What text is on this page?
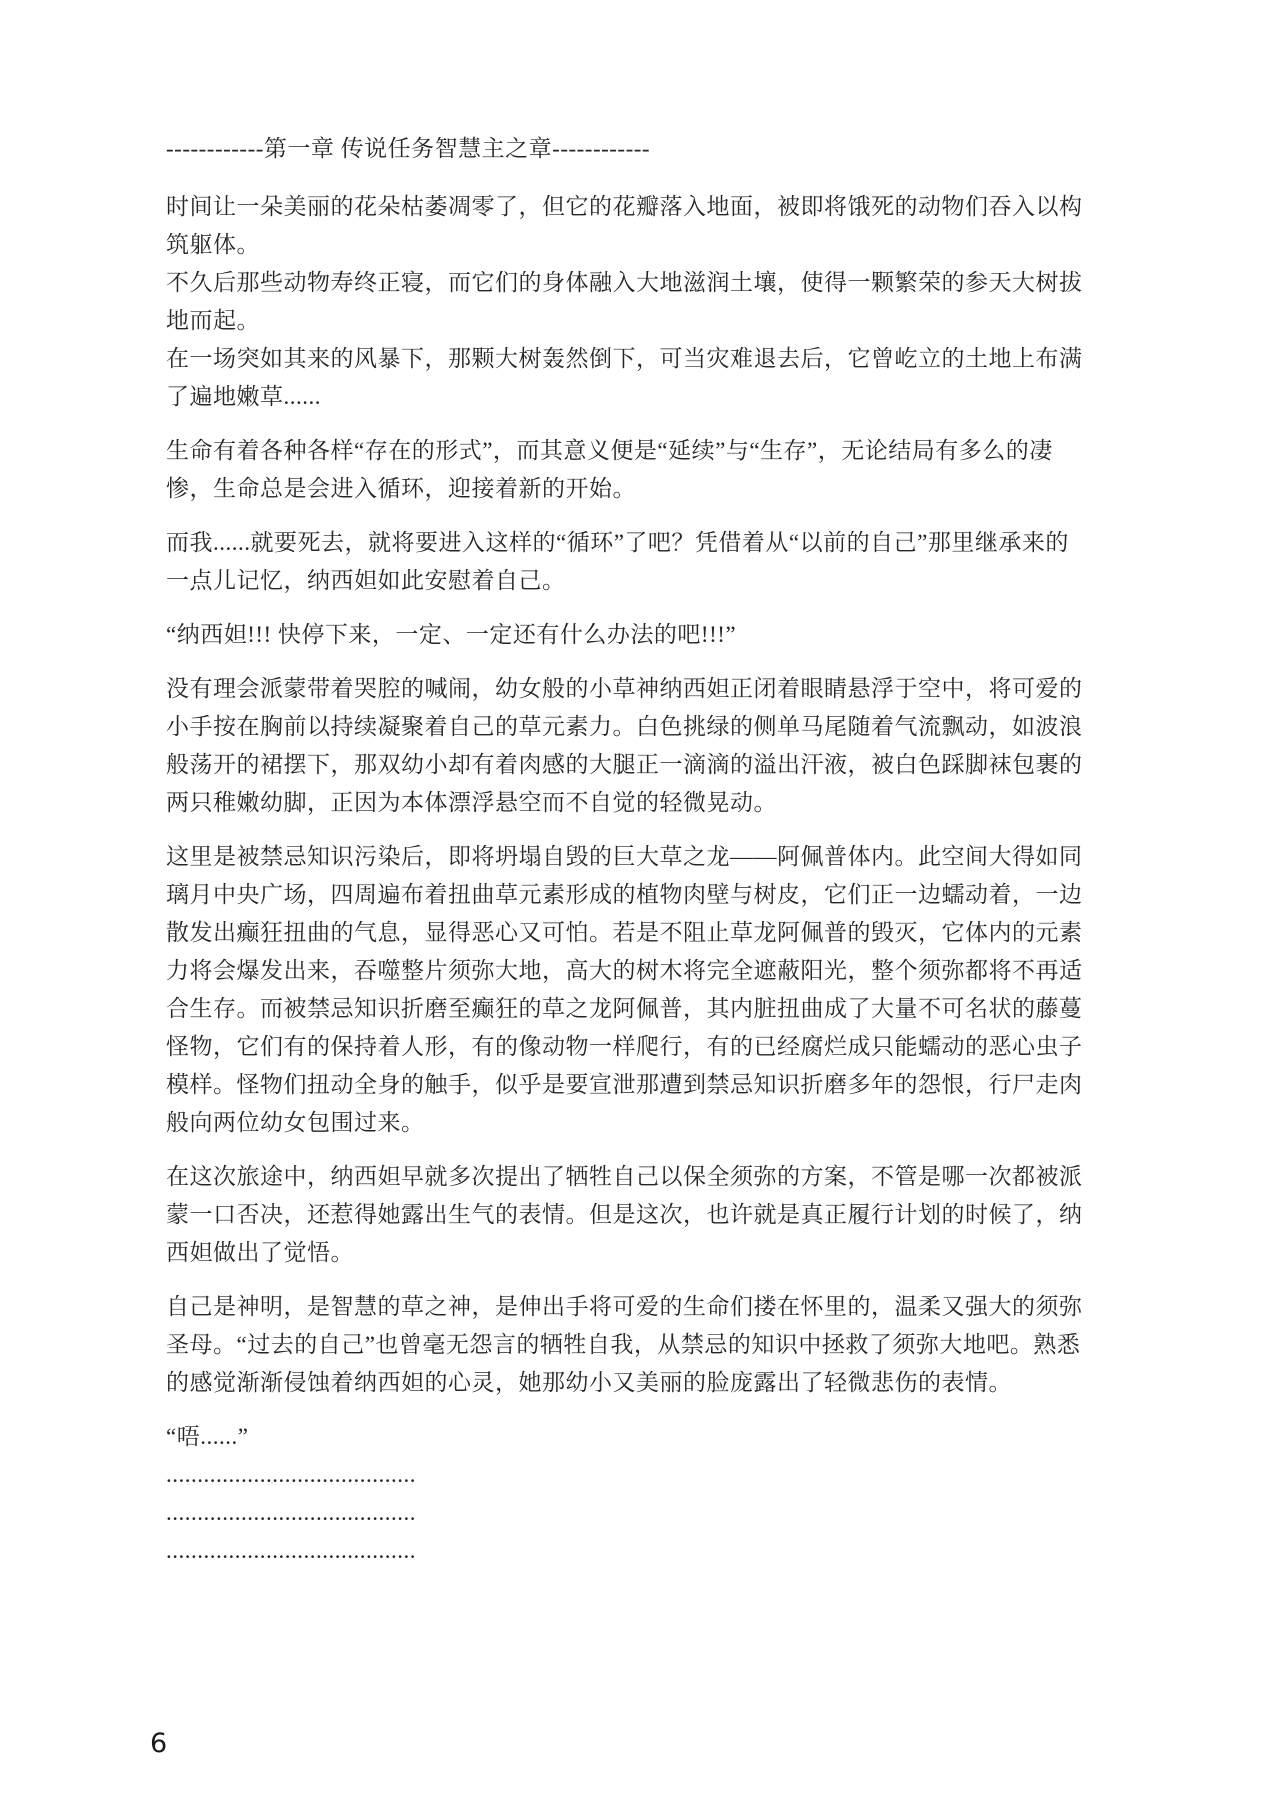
------------第一章 传说任务智慧主之章------------
时间让一朵美丽的花朵枯萎凋零了，但它的花瓣落入地面，被即将饿死的动物们吞入以构筑躯体。
不久后那些动物寿终正寝，而它们的身体融入大地滋润土壤，使得一颗繁荣的参天大树拔地而起。
在一场突如其来的风暴下，那颗大树轰然倒下，可当灾难退去后，它曾屹立的土地上布满了遍地嫩草......
生命有着各种各样“存在的形式”，而其意义便是“延续”与“生存”，无论结局有多么的凄惨，生命总是会进入循环，迎接着新的开始。
而我......就要死去，就将要进入这样的“循环”了吧？凭借着从“以前的自己”那里继承来的一点儿记忆，纳西妲如此安慰着自己。
“纳西妲!!! 快停下来，一定、一定还有什么办法的吧!!!”
没有理会派蒙带着哭腔的喊闹，幼女般的小草神纳西妲正闭着眼睛悬浮于空中，将可爱的小手按在胸前以持续凝聚着自己的草元素力。白色挑绿的侧单马尾随着气流飘动，如波浪般荡开的裙摆下，那双幼小却有着肉感的大腿正一滴滴的溢出汗液，被白色踩脚袜包裹的两只稚嫩幼脚，正因为本体漂浮悬空而不自觉的轻微晃动。
这里是被禁忌知识污染后，即将坍塌自毁的巨大草之龙——阿佩普体内。此空间大得如同璃月中央广场，四周遍布着扭曲草元素形成的植物肉壁与树皮，它们正一边蠕动着，一边散发出癫狂扭曲的气息，显得恶心又可怕。若是不阻止草龙阿佩普的毁灭，它体内的元素力将会爆发出来，吞噬整片须弥大地，高大的树木将完全遮蔽阳光，整个须弥都将不再适合生存。而被禁忌知识折磨至癫狂的草之龙阿佩普，其内脏扭曲成了大量不可名状的藤蔓怪物，它们有的保持着人形，有的像动物一样爬行，有的已经腐烂成只能蠕动的恶心虫子模样。怪物们扭动全身的触手，似乎是要宣泄那遭到禁忌知识折磨多年的怨恨，行尸走肉般向两位幼女包围过来。
在这次旅途中，纳西妲早就多次提出了牺牲自己以保全须弥的方案，不管是哪一次都被派蒙一口否决，还惹得她露出生气的表情。但是这次，也许就是真正履行计划的时候了，纳西妲做出了觉悟。
自己是神明，是智慧的草之神，是伸出手将可爱的生命们搂在怀里的，温柔又强大的须弥圣母。“过去的自己”也曾毫无怨言的牺牲自我，从禁忌的知识中拯救了须弥大地吧。熟悉的感觉渐渐侵蚀着纳西妲的心灵，她那幼小又美丽的脸庞露出了轻微悲伤的表情。
“唔......”
........................................
........................................
........................................
6
